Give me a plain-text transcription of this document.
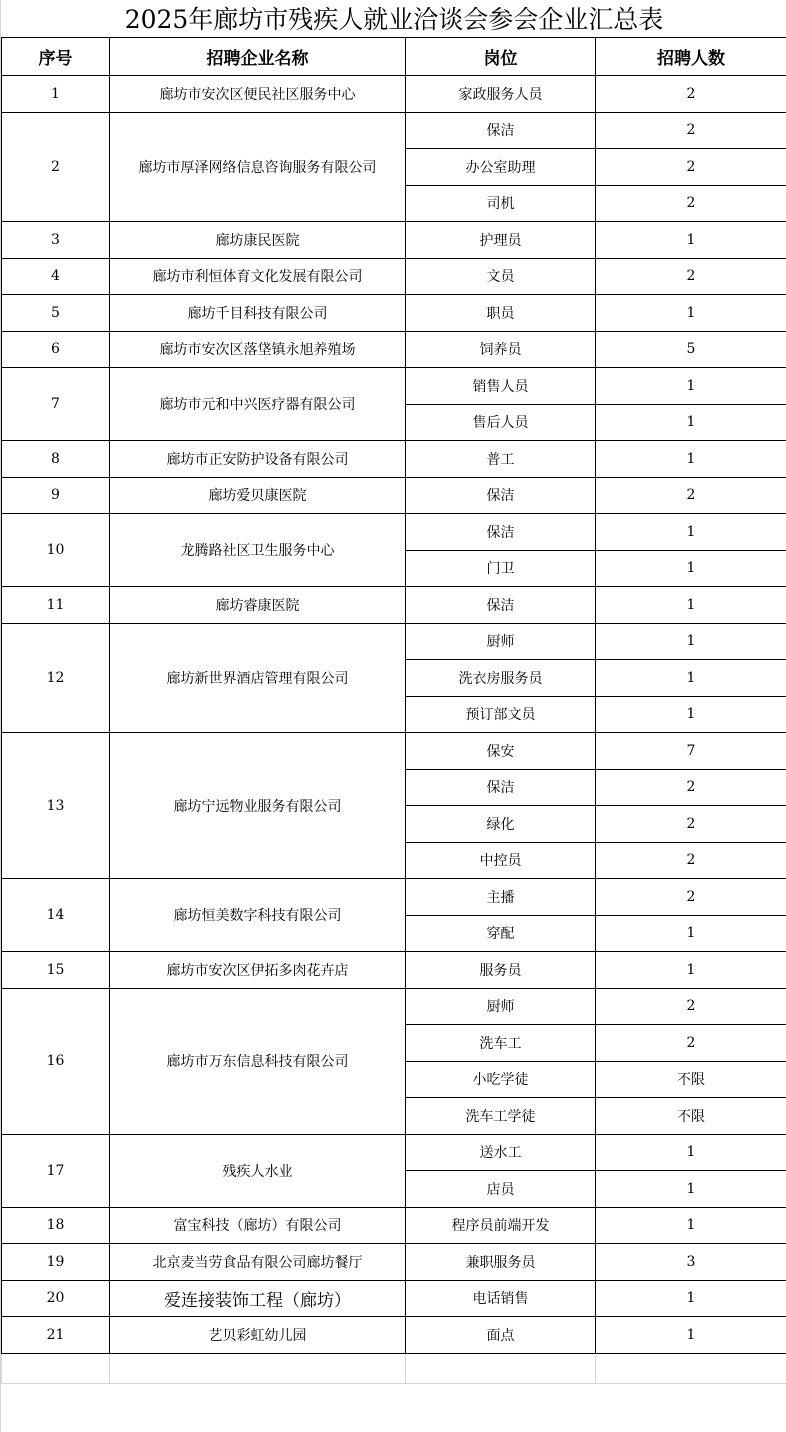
2025年廊坊市残疾人就业洽谈会参会企业汇总表
序号	招聘企业名称	岗位	招聘人数
1	廊坊市安次区便民社区服务中心	家政服务人员	2
2	廊坊市厚泽网络信息咨询服务有限公司	保洁	2
		办公室助理	2
		司机	2
3	廊坊康民医院	护理员	1
4	廊坊市利恒体育文化发展有限公司	文员	2
5	廊坊千目科技有限公司	职员	1
6	廊坊市安次区落垡镇永旭养殖场	饲养员	5
7	廊坊市元和中兴医疗器有限公司	销售人员	1
		售后人员	1
8	廊坊市正安防护设备有限公司	普工	1
9	廊坊爱贝康医院	保洁	2
10	龙腾路社区卫生服务中心	保洁	1
		门卫	1
11	廊坊睿康医院	保洁	1
12	廊坊新世界酒店管理有限公司	厨师	1
		洗衣房服务员	1
		预订部文员	1
13	廊坊宁远物业服务有限公司	保安	7
		保洁	2
		绿化	2
		中控员	2
14	廊坊恒美数字科技有限公司	主播	2
		穿配	1
15	廊坊市安次区伊拓多肉花卉店	服务员	1
16	廊坊市万东信息科技有限公司	厨师	2
		洗车工	2
		小吃学徒	不限
		洗车工学徒	不限
17	残疾人水业	送水工	1
		店员	1
18	富宝科技（廊坊）有限公司	程序员前端开发	1
19	北京麦当劳食品有限公司廊坊餐厅	兼职服务员	3
20	爱连接装饰工程（廊坊）	电话销售	1
21	艺贝彩虹幼儿园	面点	1
